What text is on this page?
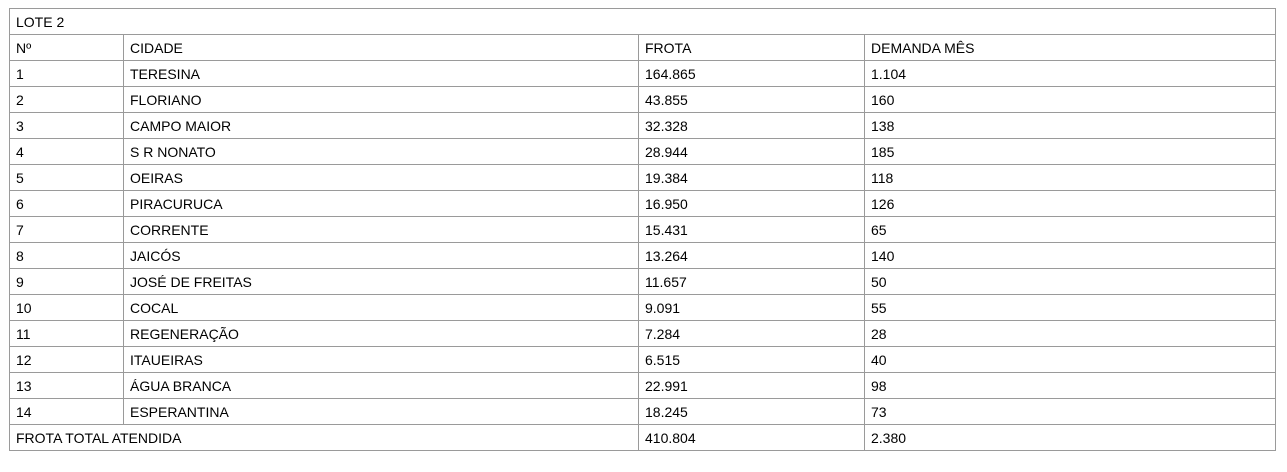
LOTE 2			
Nº	CIDADE	FROTA	DEMANDA MÊS
1	TERESINA	164.865	1.104
2	FLORIANO	43.855	160
3	CAMPO MAIOR	32.328	138
4	S R NONATO	28.944	185
5	OEIRAS	19.384	118
6	PIRACURUCA	16.950	126
7	CORRENTE	15.431	65
8	JAICÓS	13.264	140
9	JOSÉ DE FREITAS	11.657	50
10	COCAL	9.091	55
11	REGENERAÇÃO	7.284	28
12	ITAUEIRAS	6.515	40
13	ÁGUA BRANCA	22.991	98
14	ESPERANTINA	18.245	73
FROTA TOTAL ATENDIDA		410.804	2.380
